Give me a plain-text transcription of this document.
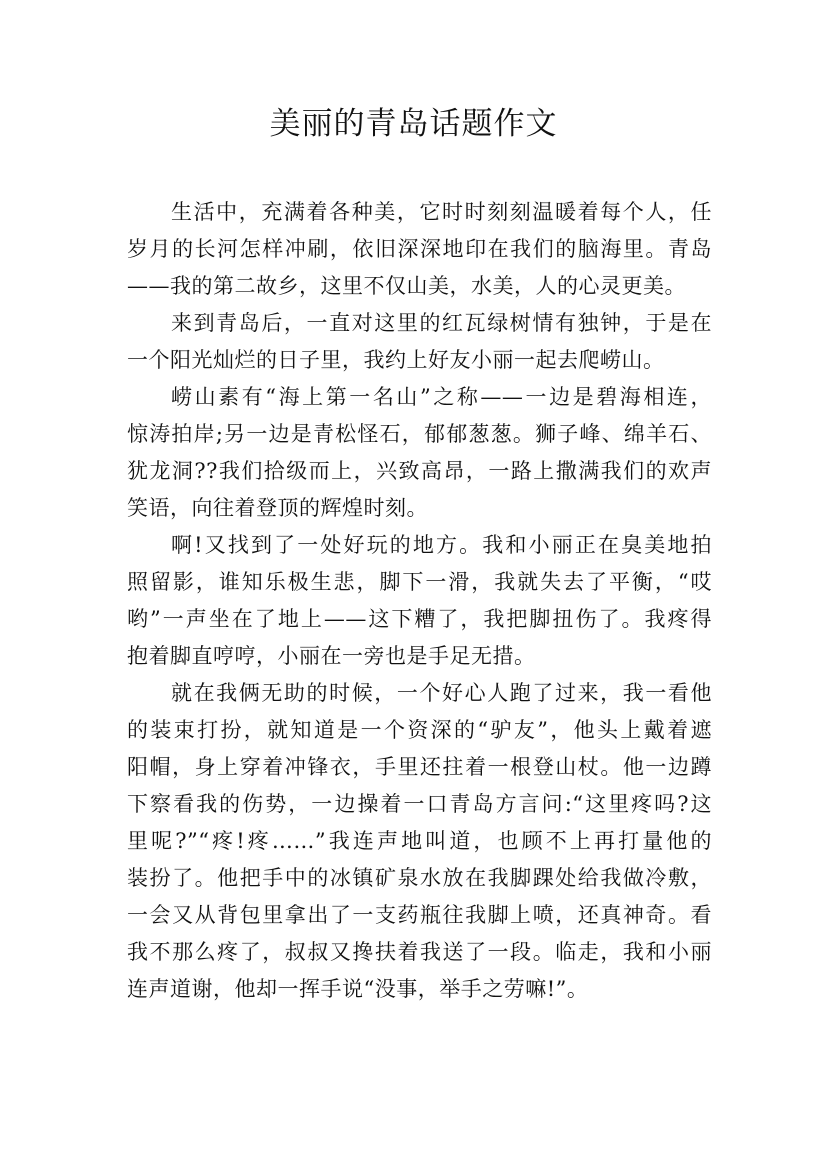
美丽的青岛话题作文
生活中，充满着各种美，它时时刻刻温暖着每个人，任
岁月的长河怎样冲刷，依旧深深地印在我们的脑海里。青岛
——我的第二故乡，这里不仅山美，水美，人的心灵更美。
来到青岛后，一直对这里的红瓦绿树情有独钟，于是在
一个阳光灿烂的日子里，我约上好友小丽一起去爬崂山。
崂山素有“海上第一名山”之称——一边是碧海相连，
惊涛拍岸;另一边是青松怪石，郁郁葱葱。狮子峰、绵羊石、
犹龙洞??我们拾级而上，兴致高昂，一路上撒满我们的欢声
笑语，向往着登顶的辉煌时刻。
啊!又找到了一处好玩的地方。我和小丽正在臭美地拍
照留影，谁知乐极生悲，脚下一滑，我就失去了平衡，“哎
哟”一声坐在了地上——这下糟了，我把脚扭伤了。我疼得
抱着脚直哼哼，小丽在一旁也是手足无措。
就在我俩无助的时候，一个好心人跑了过来，我一看他
的装束打扮，就知道是一个资深的“驴友”，他头上戴着遮
阳帽，身上穿着冲锋衣，手里还拄着一根登山杖。他一边蹲
下察看我的伤势，一边操着一口青岛方言问:“这里疼吗?这
里呢?”“疼!疼……”我连声地叫道，也顾不上再打量他的
装扮了。他把手中的冰镇矿泉水放在我脚踝处给我做冷敷，
一会又从背包里拿出了一支药瓶往我脚上喷，还真神奇。看
我不那么疼了，叔叔又搀扶着我送了一段。临走，我和小丽
连声道谢，他却一挥手说“没事，举手之劳嘛!”。
